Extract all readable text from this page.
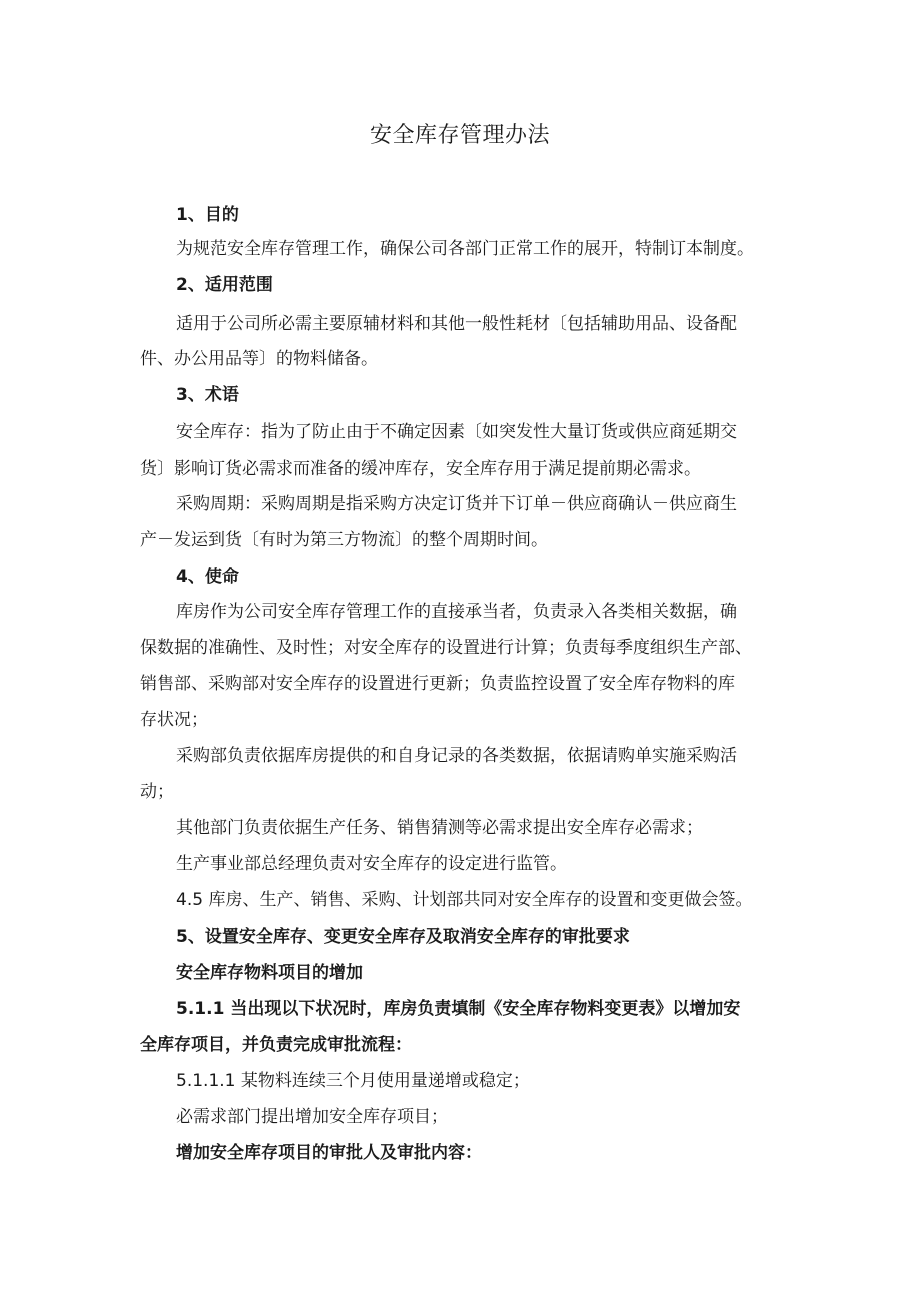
安全库存管理办法
1、目的
为规范安全库存管理工作，确保公司各部门正常工作的展开，特制订本制度。
2、适用范围
适用于公司所必需主要原辅材料和其他一般性耗材〔包括辅助用品、设备配
件、办公用品等〕的物料储备。
3、术语
安全库存：指为了防止由于不确定因素〔如突发性大量订货或供应商延期交
货〕影响订货必需求而准备的缓冲库存，安全库存用于满足提前期必需求。
采购周期：采购周期是指采购方决定订货并下订单－供应商确认－供应商生
产－发运到货〔有时为第三方物流〕的整个周期时间。
4、使命
库房作为公司安全库存管理工作的直接承当者，负责录入各类相关数据，确
保数据的准确性、及时性；对安全库存的设置进行计算；负责每季度组织生产部、
销售部、采购部对安全库存的设置进行更新；负责监控设置了安全库存物料的库
存状况；
采购部负责依据库房提供的和自身记录的各类数据，依据请购单实施采购活
动；
其他部门负责依据生产任务、销售猜测等必需求提出安全库存必需求；
生产事业部总经理负责对安全库存的设定进行监管。
4.5 库房、生产、销售、采购、计划部共同对安全库存的设置和变更做会签。
5、设置安全库存、变更安全库存及取消安全库存的审批要求
安全库存物料项目的增加
5.1.1 当出现以下状况时，库房负责填制《安全库存物料变更表》以增加安
全库存项目，并负责完成审批流程：
5.1.1.1 某物料连续三个月使用量递增或稳定；
必需求部门提出增加安全库存项目；
增加安全库存项目的审批人及审批内容：
